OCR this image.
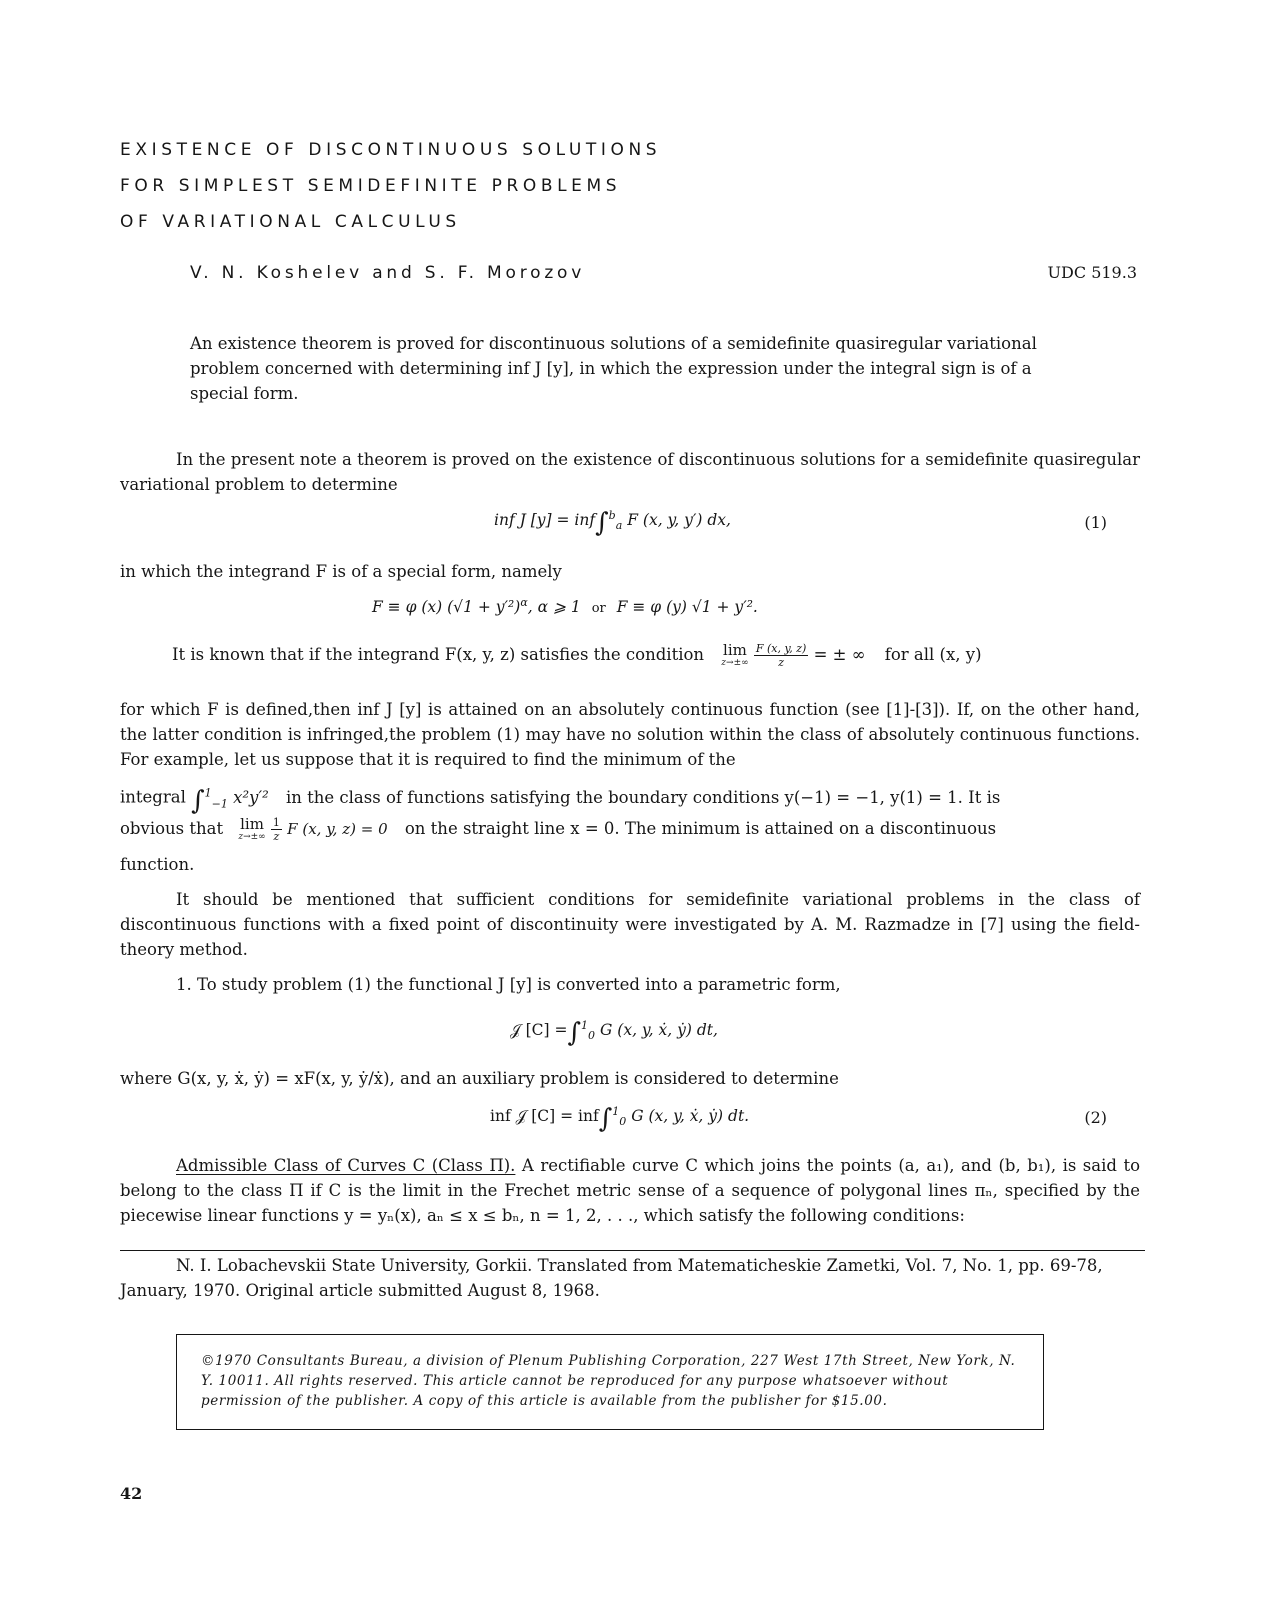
EXISTENCE OF DISCONTINUOUS SOLUTIONS
FOR SIMPLEST SEMIDEFINITE PROBLEMS
OF VARIATIONAL CALCULUS
V. N. Koshelev and S. F. Morozov	UDC 519.3

An existence theorem is proved for discontinuous solutions of a semidefinite quasiregular variational problem concerned with determining inf J [y], in which the expression under the integral sign is of a special form.

In the present note a theorem is proved on the existence of discontinuous solutions for a semidefinite quasiregular variational problem to determine

inf J [y] = inf∫$^b_a$ F (x, y, y′) dx,	(1)
in which the integrand F is of a special form, namely
F ≡ φ (x) $(√1 + y'^2)^\alpha$, α ⩾ 1 or F ≡ φ (y) √1 + y′².
It is known that if the integrand F(x, y, z) satisfies the condition lim
z→±∞
$\frac{F (x, y, z)}{z}$ = ± ∞ for all (x, y)

for which F is defined,then inf J [y] is attained on an absolutely continuous function (see [1]-[3]). If, on the other hand, the latter condition is infringed,the problem (1) may have no solution within the class of absolutely continuous functions. For example, let us suppose that it is required to find the minimum of the

integral ∫$^1_{-1}$ x²y′² in the class of functions satisfying the boundary conditions y(−1) = −1, y(1) = 1. It is
obvious that lim
z→±∞
$\frac{1}{z}$ F (x, y, z) = 0 on the straight line x = 0. The minimum is attained on a discontinuous
function.

It should be mentioned that sufficient conditions for semidefinite variational problems in the class of discontinuous functions with a fixed point of discontinuity were investigated by A. M. Razmadze in [7] using the field-theory method.

1. To study problem (1) the functional J [y] is converted into a parametric form,

𝒥 [C] =∫$^1_0$ G (x, y, ẋ, ẏ) dt,
where G(x, y, ẋ, ẏ) = xF(x, y, ẏ/ẋ), and an auxiliary problem is considered to determine
inf 𝒥 [C] = inf∫$^1_0$ G (x, y, ẋ, ẏ) dt.	(2)

Admissible Class of Curves C (Class Π). A rectifiable curve C which joins the points (a, a₁), and (b, b₁), is said to belong to the class Π if C is the limit in the Frechet metric sense of a sequence of polygonal lines πₙ, specified by the piecewise linear functions y = yₙ(x), aₙ ≤ x ≤ bₙ, n = 1, 2, . . ., which satisfy the following conditions:

N. I. Lobachevskii State University, Gorkii. Translated from Matematicheskie Zametki, Vol. 7, No. 1, pp. 69-78, January, 1970. Original article submitted August 8, 1968.

©1970 Consultants Bureau, a division of Plenum Publishing Corporation, 227 West 17th Street, New York, N. Y. 10011. All rights reserved. This article cannot be reproduced for any purpose whatsoever without permission of the publisher. A copy of this article is available from the publisher for $15.00.

42
